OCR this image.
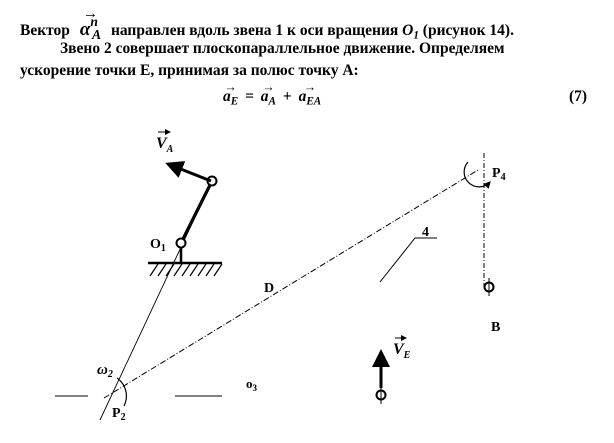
Вектор → $\alpha^n_A$ направлен вдоль звена 1 к оси вращения $O_1$ (рисунок 14).
Звено 2 совершает плоскопараллельное движение. Определяем
ускорение точки Е, принимая за полюс точку А:
→ $a_E$ = → $a_A$ + → $a_{EA}$	(7)
$V_A$
$O_1$
$P_4$
4
D
B
$V_E$
$\omega_2$
$o_3$
$P_2$
